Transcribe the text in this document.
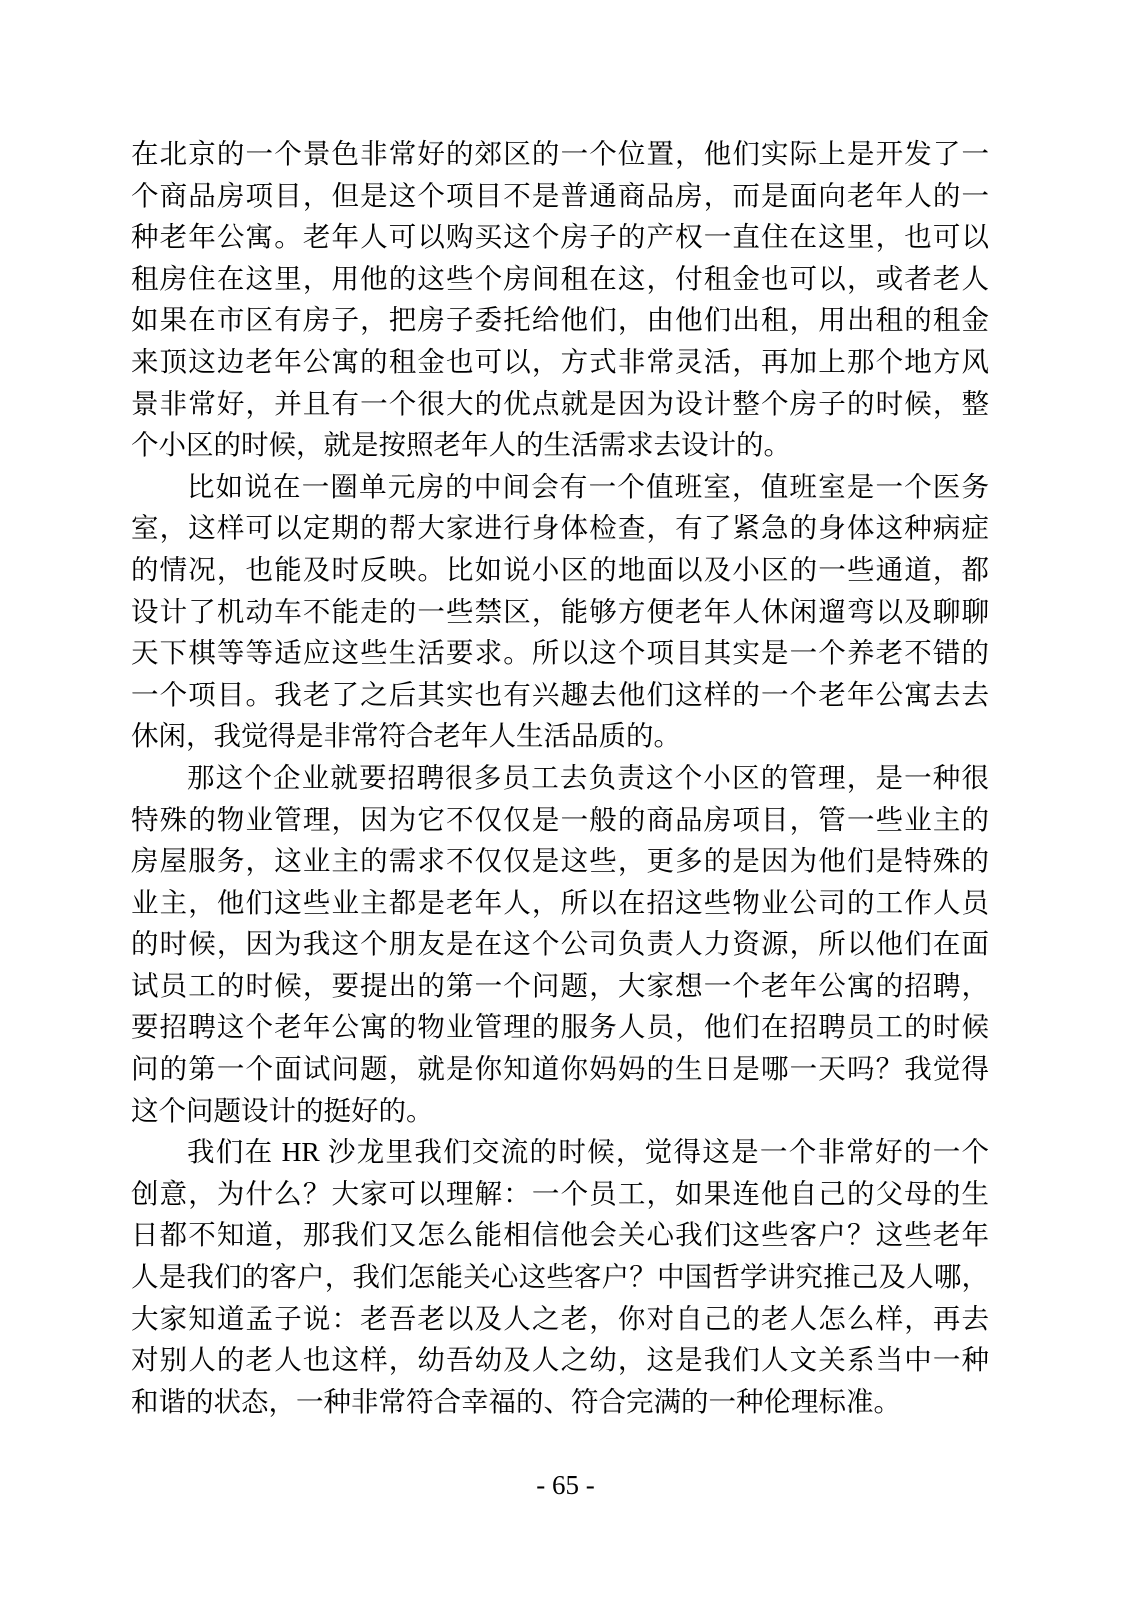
在北京的一个景色非常好的郊区的一个位置，他们实际上是开发了一
个商品房项目，但是这个项目不是普通商品房，而是面向老年人的一
种老年公寓。老年人可以购买这个房子的产权一直住在这里，也可以
租房住在这里，用他的这些个房间租在这，付租金也可以，或者老人
如果在市区有房子，把房子委托给他们，由他们出租，用出租的租金
来顶这边老年公寓的租金也可以，方式非常灵活，再加上那个地方风
景非常好，并且有一个很大的优点就是因为设计整个房子的时候，整
个小区的时候，就是按照老年人的生活需求去设计的。
比如说在一圈单元房的中间会有一个值班室，值班室是一个医务
室，这样可以定期的帮大家进行身体检查，有了紧急的身体这种病症
的情况，也能及时反映。比如说小区的地面以及小区的一些通道，都
设计了机动车不能走的一些禁区，能够方便老年人休闲遛弯以及聊聊
天下棋等等适应这些生活要求。所以这个项目其实是一个养老不错的
一个项目。我老了之后其实也有兴趣去他们这样的一个老年公寓去去
休闲，我觉得是非常符合老年人生活品质的。
那这个企业就要招聘很多员工去负责这个小区的管理，是一种很
特殊的物业管理，因为它不仅仅是一般的商品房项目，管一些业主的
房屋服务，这业主的需求不仅仅是这些，更多的是因为他们是特殊的
业主，他们这些业主都是老年人，所以在招这些物业公司的工作人员
的时候，因为我这个朋友是在这个公司负责人力资源，所以他们在面
试员工的时候，要提出的第一个问题，大家想一个老年公寓的招聘，
要招聘这个老年公寓的物业管理的服务人员，他们在招聘员工的时候
问的第一个面试问题，就是你知道你妈妈的生日是哪一天吗？我觉得
这个问题设计的挺好的。
我们在 HR 沙龙里我们交流的时候，觉得这是一个非常好的一个
创意，为什么？大家可以理解：一个员工，如果连他自己的父母的生
日都不知道，那我们又怎么能相信他会关心我们这些客户？这些老年
人是我们的客户，我们怎能关心这些客户？中国哲学讲究推己及人哪，
大家知道孟子说：老吾老以及人之老，你对自己的老人怎么样，再去
对别人的老人也这样，幼吾幼及人之幼，这是我们人文关系当中一种
和谐的状态，一种非常符合幸福的、符合完满的一种伦理标准。
- 65 -
